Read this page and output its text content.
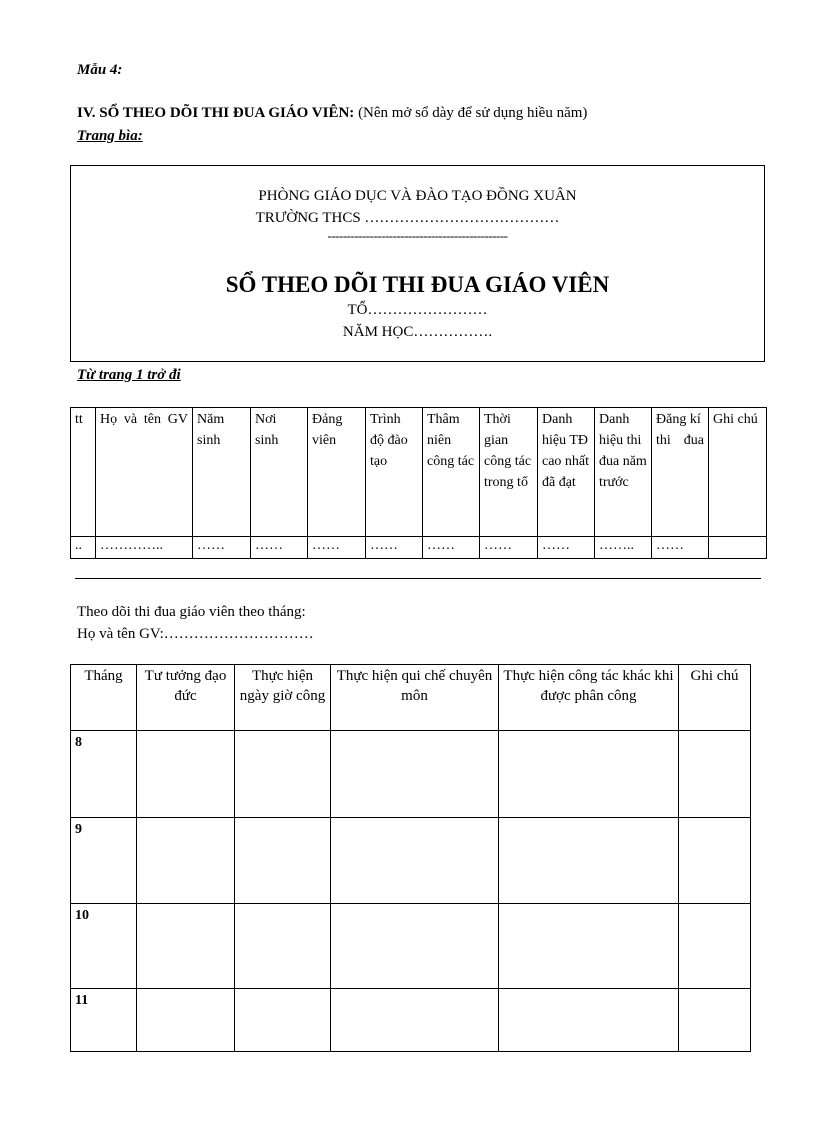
Mẫu 4:
IV. SỔ THEO DÕI THI ĐUA GIÁO VIÊN: (Nên mở sổ dày để sử dụng hiều năm)
Trang bìa:
PHÒNG GIÁO DỤC VÀ ĐÀO TẠO ĐỒNG XUÂN
TRƯỜNG THCS …………………………………
-----------------------------------------------
SỔ THEO DÕI THI ĐUA GIÁO VIÊN
TỔ……………………
NĂM HỌC…………….
Từ trang 1 trở đi
tt	Họ và tên GV	Năm sinh	Nơi sinh	Đảng viên	Trình độ đào tạo	Thâm niên công tác	Thời gian công tác trong tổ	Danh hiệu TĐ cao nhất đã đạt	Danh hiệu thi đua năm trước	Đăng kí thi đua	Ghi chú
..	…………..	……	……	……	……	……	……	……	……..	……	
Theo dõi thi đua giáo viên theo tháng:
Họ và tên GV:…………………………
Tháng	Tư tưởng đạo đức	Thực hiện ngày giờ công	Thực hiện qui chế chuyên môn	Thực hiện công tác khác khi được phân công	Ghi chú
8					
9					
10					
11					
